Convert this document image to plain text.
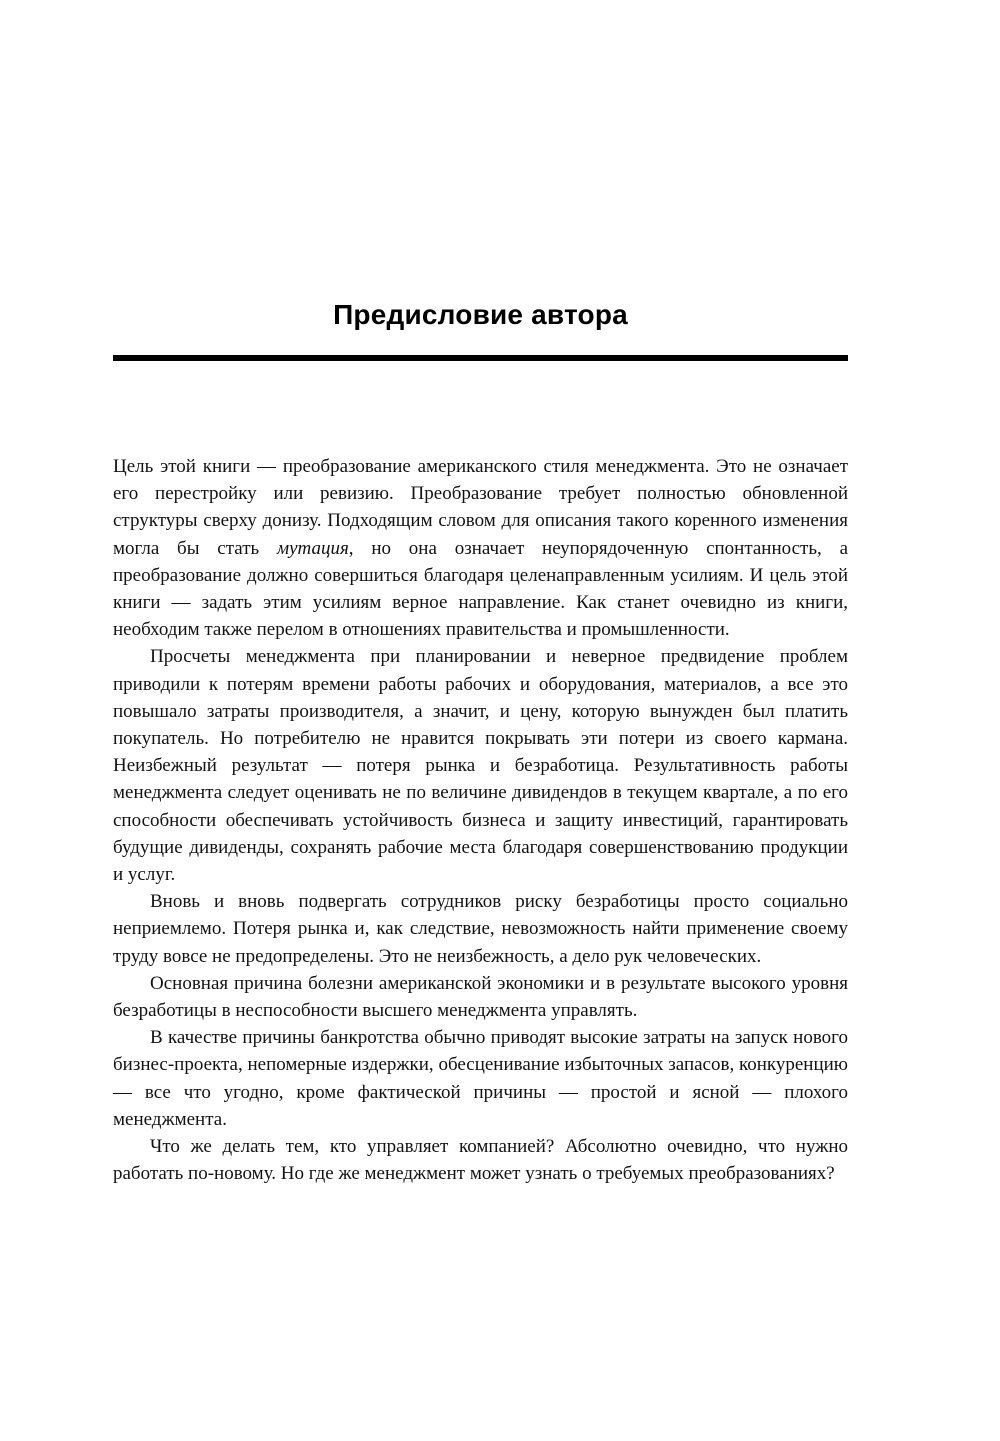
Предисловие автора

Цель этой книги — преобразование американского стиля менеджмента. Это не означает его перестройку или ревизию. Преобразование требует полностью обновленной структуры сверху донизу. Подходящим словом для описания такого коренного изменения могла бы стать мутация, но она означает неупорядоченную спонтанность, а преобразование должно совершиться благодаря целенаправленным усилиям. И цель этой книги — задать этим усилиям верное направление. Как станет очевидно из книги, необходим также перелом в отношениях правительства и промышленности.

Просчеты менеджмента при планировании и неверное предвидение проблем приводили к потерям времени работы рабочих и оборудования, материалов, а все это повышало затраты производителя, а значит, и цену, которую вынужден был платить покупатель. Но потребителю не нравится покрывать эти потери из своего кармана. Неизбежный результат — потеря рынка и безработица. Результативность работы менеджмента следует оценивать не по величине дивидендов в текущем квартале, а по его способности обеспечивать устойчивость бизнеса и защиту инвестиций, гарантировать будущие дивиденды, сохранять рабочие места благодаря совершенствованию продукции и услуг.

Вновь и вновь подвергать сотрудников риску безработицы просто социально неприемлемо. Потеря рынка и, как следствие, невозможность найти применение своему труду вовсе не предопределены. Это не неизбежность, а дело рук человеческих.

Основная причина болезни американской экономики и в результате высокого уровня безработицы в неспособности высшего менеджмента управлять.

В качестве причины банкротства обычно приводят высокие затраты на запуск нового бизнес-проекта, непомерные издержки, обесценивание избыточных запасов, конкуренцию — все что угодно, кроме фактической причины — простой и ясной — плохого менеджмента.

Что же делать тем, кто управляет компанией? Абсолютно очевидно, что нужно работать по-новому. Но где же менеджмент может узнать о требуемых преобразованиях?
